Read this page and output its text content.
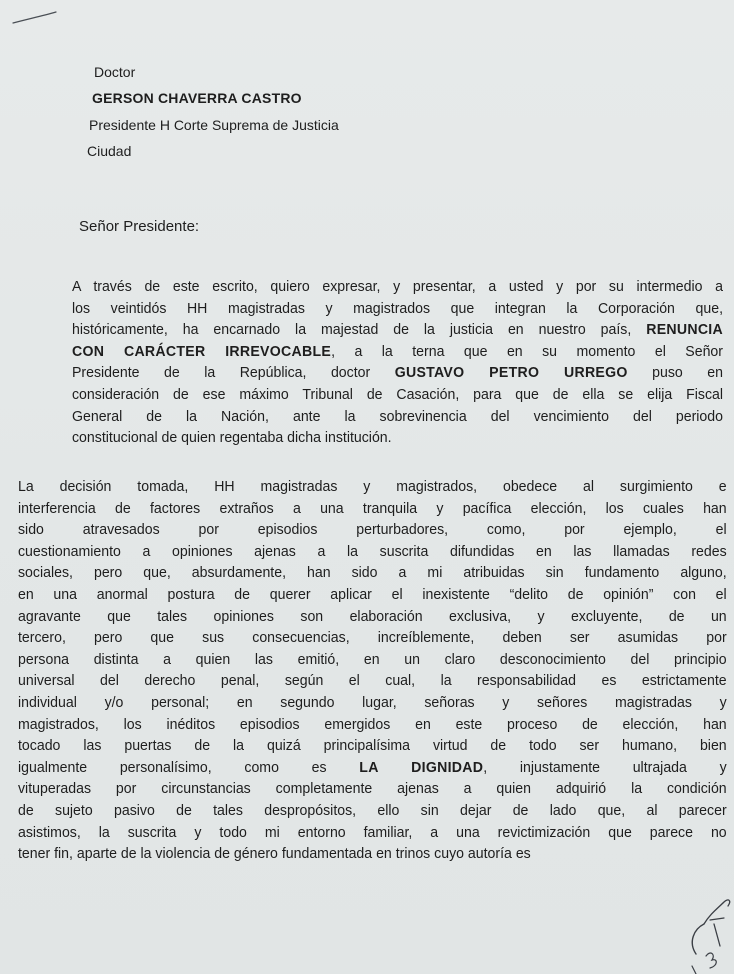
Doctor
GERSON CHAVERRA CASTRO
Presidente H Corte Suprema de Justicia
Ciudad
Señor Presidente:
A través de este escrito, quiero expresar, y presentar, a usted y por su intermedio a
los veintidós HH magistradas y magistrados que integran la Corporación que,
históricamente, ha encarnado la majestad de la justicia en nuestro país, RENUNCIA
CON CARÁCTER IRREVOCABLE, a la terna que en su momento el Señor
Presidente de la República, doctor GUSTAVO PETRO URREGO puso en
consideración de ese máximo Tribunal de Casación, para que de ella se elija Fiscal
General de la Nación, ante la sobrevinencia del vencimiento del periodo
constitucional de quien regentaba dicha institución.
La decisión tomada, HH magistradas y magistrados, obedece al surgimiento e
interferencia de factores extraños a una tranquila y pacífica elección, los cuales han
sido atravesados por episodios perturbadores, como, por ejemplo, el
cuestionamiento a opiniones ajenas a la suscrita difundidas en las llamadas redes
sociales, pero que, absurdamente, han sido a mi atribuidas sin fundamento alguno,
en una anormal postura de querer aplicar el inexistente “delito de opinión” con el
agravante que tales opiniones son elaboración exclusiva, y excluyente, de un
tercero, pero que sus consecuencias, increíblemente, deben ser asumidas por
persona distinta a quien las emitió, en un claro desconocimiento del principio
universal del derecho penal, según el cual, la responsabilidad es estrictamente
individual y/o personal; en segundo lugar, señoras y señores magistradas y
magistrados, los inéditos episodios emergidos en este proceso de elección, han
tocado las puertas de la quizá principalísima virtud de todo ser humano, bien
igualmente personalísimo, como es LA DIGNIDAD, injustamente ultrajada y
vituperadas por circunstancias completamente ajenas a quien adquirió la condición
de sujeto pasivo de tales despropósitos, ello sin dejar de lado que, al parecer
asistimos, la suscrita y todo mi entorno familiar, a una revictimización que parece no
tener fin, aparte de la violencia de género fundamentada en trinos cuyo autoría es
